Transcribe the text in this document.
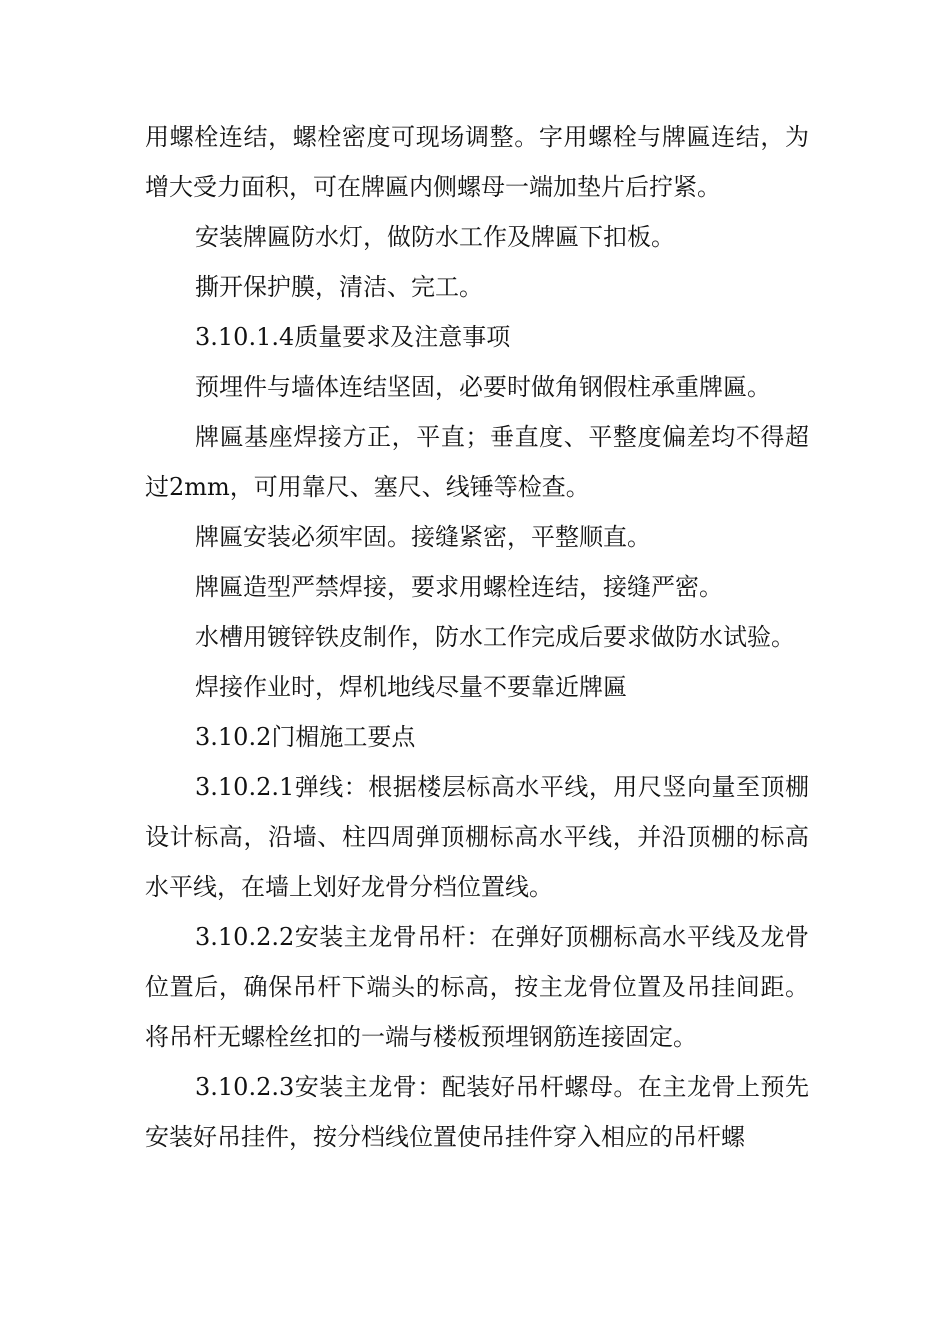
用螺栓连结，螺栓密度可现场调整。字用螺栓与牌匾连结，为增大受力面积，可在牌匾内侧螺母一端加垫片后拧紧。

安装牌匾防水灯，做防水工作及牌匾下扣板。

撕开保护膜，清洁、完工。

3.10.1.4质量要求及注意事项

预埋件与墙体连结坚固，必要时做角钢假柱承重牌匾。

牌匾基座焊接方正，平直；垂直度、平整度偏差均不得超过2mm，可用靠尺、塞尺、线锤等检查。

牌匾安装必须牢固。接缝紧密，平整顺直。

牌匾造型严禁焊接，要求用螺栓连结，接缝严密。

水槽用镀锌铁皮制作，防水工作完成后要求做防水试验。

焊接作业时，焊机地线尽量不要靠近牌匾

3.10.2门楣施工要点

3.10.2.1弹线：根据楼层标高水平线，用尺竖向量至顶棚设计标高，沿墙、柱四周弹顶棚标高水平线，并沿顶棚的标高水平线，在墙上划好龙骨分档位置线。

3.10.2.2安装主龙骨吊杆：在弹好顶棚标高水平线及龙骨位置后，确保吊杆下端头的标高，按主龙骨位置及吊挂间距。将吊杆无螺栓丝扣的一端与楼板预埋钢筋连接固定。

3.10.2.3安装主龙骨：配装好吊杆螺母。在主龙骨上预先安装好吊挂件，按分档线位置使吊挂件穿入相应的吊杆螺
